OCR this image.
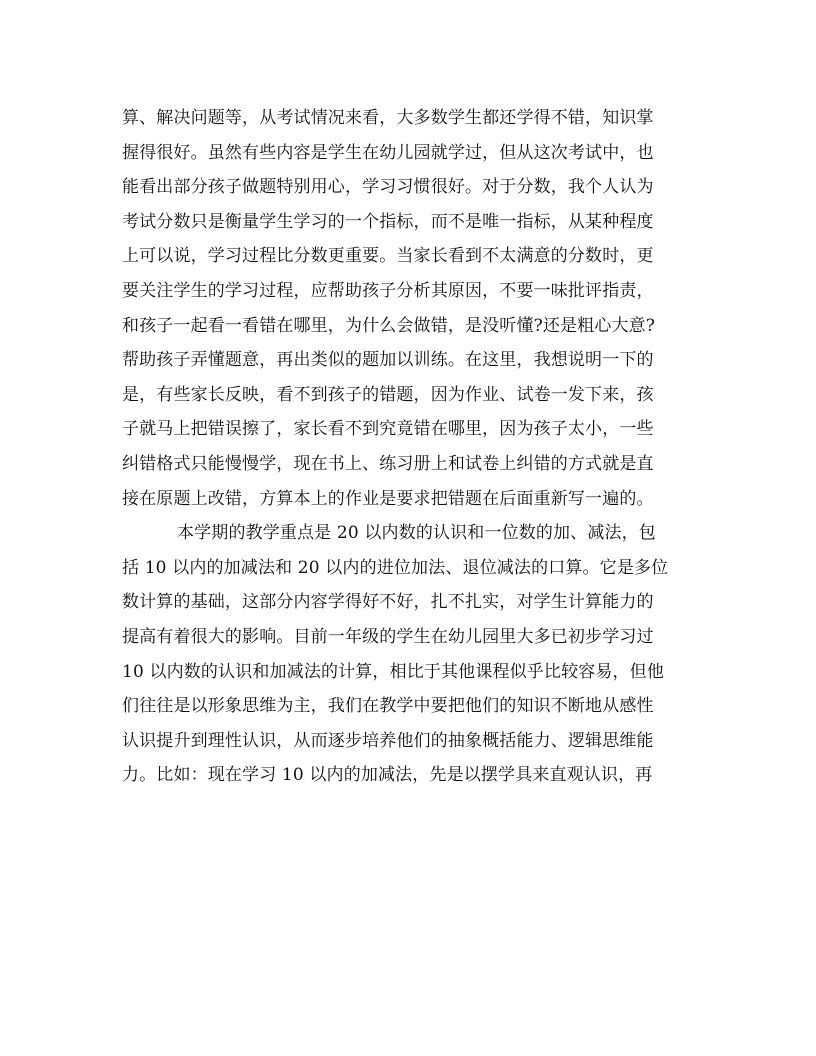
算、解决问题等，从考试情况来看，大多数学生都还学得不错，知识掌
握得很好。虽然有些内容是学生在幼儿园就学过，但从这次考试中，也
能看出部分孩子做题特别用心，学习习惯很好。对于分数，我个人认为
考试分数只是衡量学生学习的一个指标，而不是唯一指标，从某种程度
上可以说，学习过程比分数更重要。当家长看到不太满意的分数时，更
要关注学生的学习过程，应帮助孩子分析其原因，不要一味批评指责，
和孩子一起看一看错在哪里，为什么会做错，是没听懂?还是粗心大意?
帮助孩子弄懂题意，再出类似的题加以训练。在这里，我想说明一下的
是，有些家长反映，看不到孩子的错题，因为作业、试卷一发下来，孩
子就马上把错误擦了，家长看不到究竟错在哪里，因为孩子太小，一些
纠错格式只能慢慢学，现在书上、练习册上和试卷上纠错的方式就是直
接在原题上改错，方算本上的作业是要求把错题在后面重新写一遍的。
本学期的教学重点是 20 以内数的认识和一位数的加、减法，包
括 10 以内的加减法和 20 以内的进位加法、退位减法的口算。它是多位
数计算的基础，这部分内容学得好不好，扎不扎实，对学生计算能力的
提高有着很大的影响。目前一年级的学生在幼儿园里大多已初步学习过
10 以内数的认识和加减法的计算，相比于其他课程似乎比较容易，但他
们往往是以形象思维为主，我们在教学中要把他们的知识不断地从感性
认识提升到理性认识，从而逐步培养他们的抽象概括能力、逻辑思维能
力。比如：现在学习 10 以内的加减法，先是以摆学具来直观认识，再
